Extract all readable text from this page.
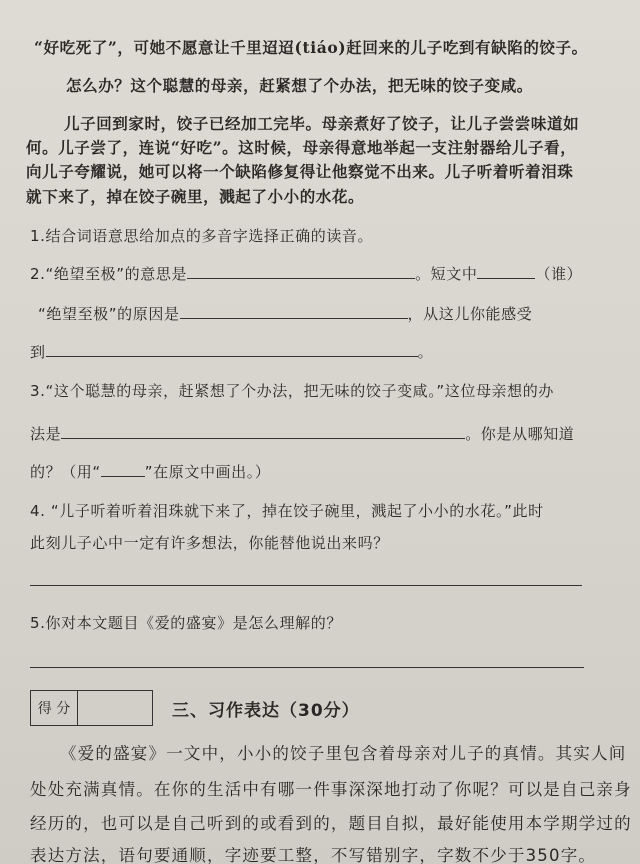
“好吃死了”，可她不愿意让千里迢迢(tiáo)赶回来的儿子吃到有缺陷的饺子。
怎么办？这个聪慧的母亲，赶紧想了个办法，把无味的饺子变咸。
儿子回到家时，饺子已经加工完毕。母亲煮好了饺子，让儿子尝尝味道如
何。儿子尝了，连说“好吃”。这时候，母亲得意地举起一支注射器给儿子看，
向儿子夸耀说，她可以将一个缺陷修复得让他察觉不出来。儿子听着听着泪珠
就下来了，掉在饺子碗里，溅起了小小的水花。
1.结合词语意思给加点的多音字选择正确的读音。
2.“绝望至极”的意思是	。短文中	（谁）
“绝望至极”的原因是	，从这儿你能感受
到	。
3.“这个聪慧的母亲，赶紧想了个办法，把无味的饺子变咸。”这位母亲想的办
法是	。你是从哪知道
的？（用“	”在原文中画出。）
4. “儿子听着听着泪珠就下来了，掉在饺子碗里，溅起了小小的水花。”此时
此刻儿子心中一定有许多想法，你能替他说出来吗？
5.你对本文题目《爱的盛宴》是怎么理解的？
得 分	三、习作表达（30分）
《爱的盛宴》一文中，小小的饺子里包含着母亲对儿子的真情。其实人间
处处充满真情。在你的生活中有哪一件事深深地打动了你呢？可以是自己亲身
经历的，也可以是自己听到的或看到的，题目自拟，最好能使用本学期学过的
表达方法，语句要通顺，字迹要工整，不写错别字，字数不少于350字。
